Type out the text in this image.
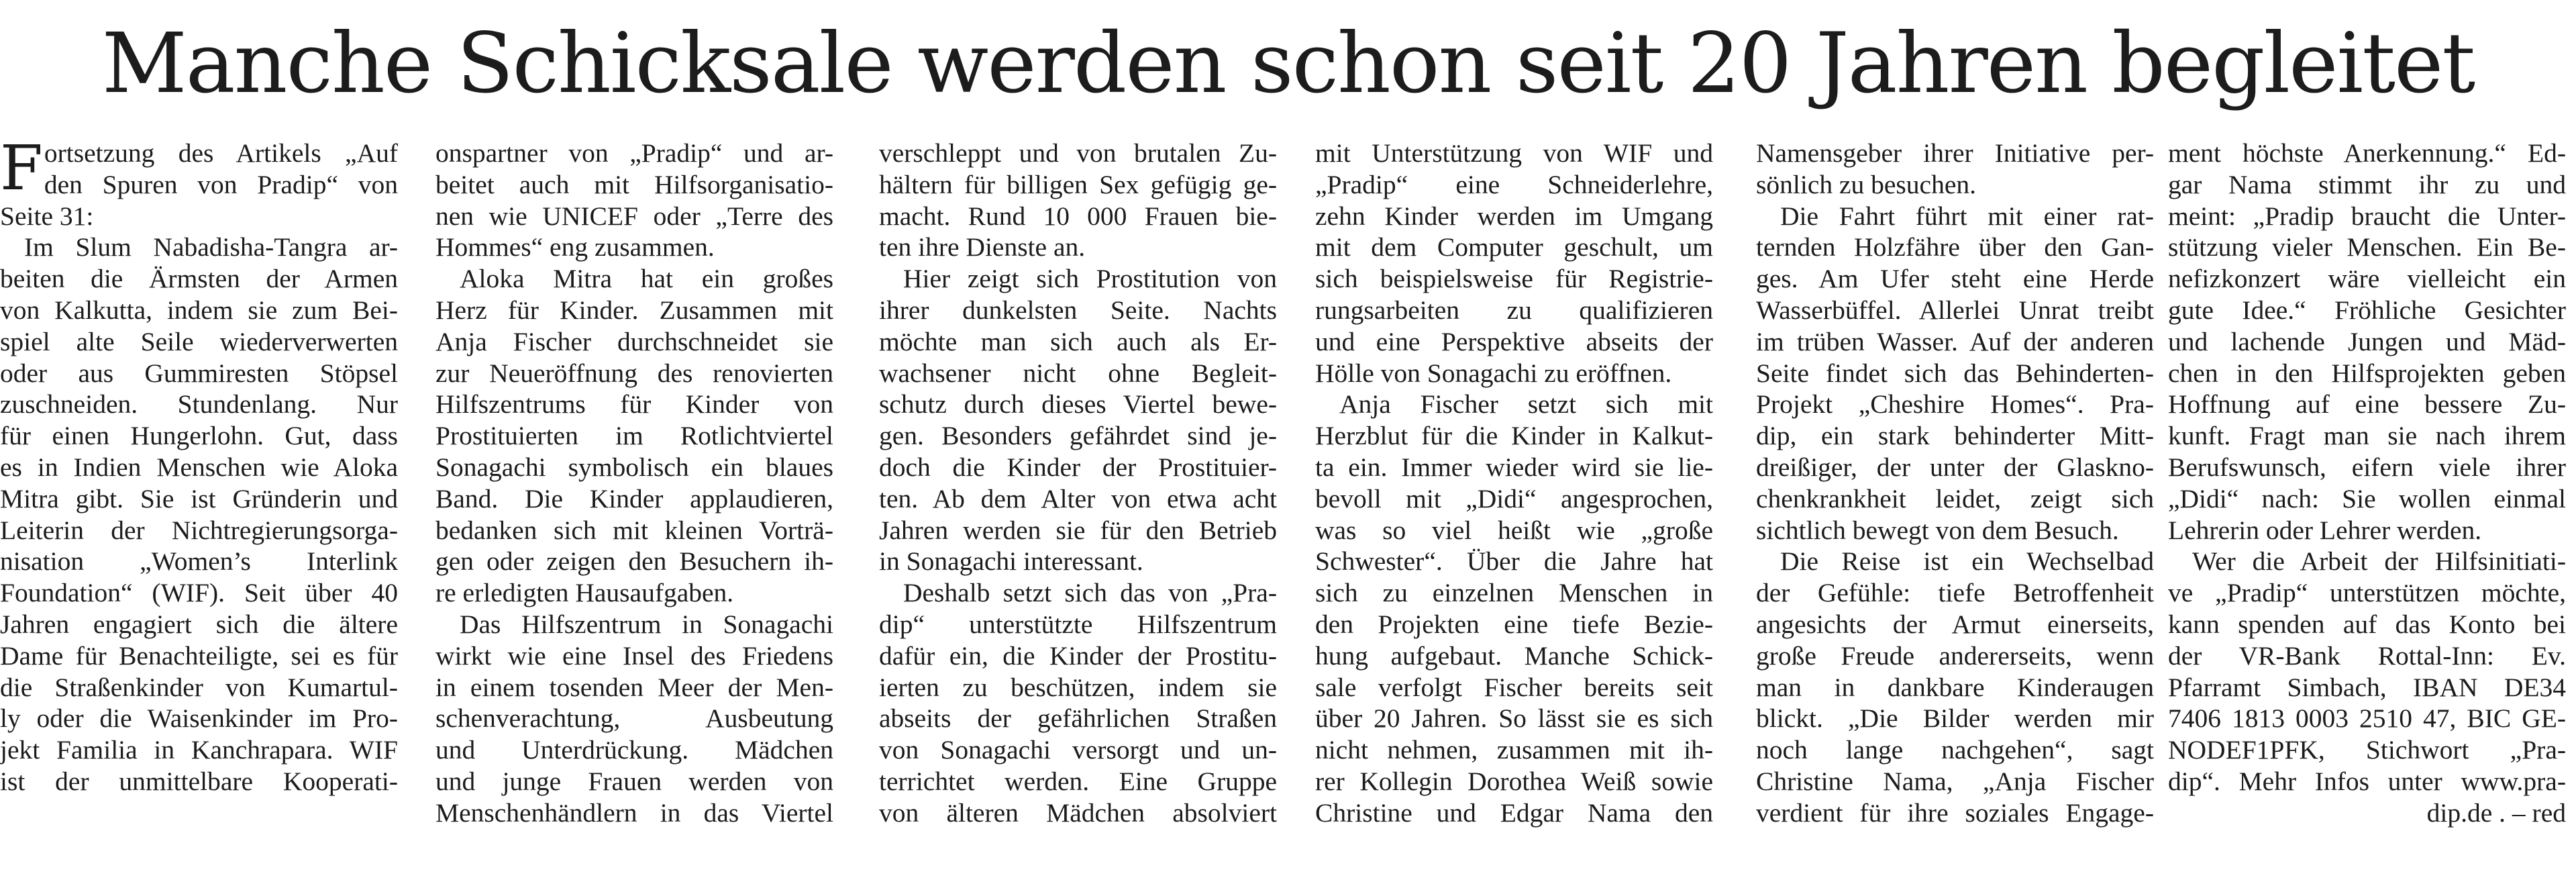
Manche Schicksale werden schon seit 20 Jahren begleitet

F ortsetzung des Artikels „Auf
den Spuren von Pradip“ von
Seite 31:

Im Slum Nabadisha-Tangra ar-
beiten die Ärmsten der Armen
von Kalkutta, indem sie zum Bei-
spiel alte Seile wiederverwerten
oder aus Gummiresten Stöpsel
zuschneiden. Stundenlang. Nur
für einen Hungerlohn. Gut, dass
es in Indien Menschen wie Aloka
Mitra gibt. Sie ist Gründerin und
Leiterin der Nichtregierungsorga-
nisation „Women’s Interlink
Foundation“ (WIF). Seit über 40
Jahren engagiert sich die ältere
Dame für Benachteiligte, sei es für
die Straßenkinder von Kumartul-
ly oder die Waisenkinder im Pro-
jekt Familia in Kanchrapara. WIF
ist der unmittelbare Kooperati-

onspartner von „Pradip“ und ar-
beitet auch mit Hilfsorganisatio-
nen wie UNICEF oder „Terre des
Hommes“ eng zusammen.

Aloka Mitra hat ein großes
Herz für Kinder. Zusammen mit
Anja Fischer durchschneidet sie
zur Neueröffnung des renovierten
Hilfszentrums für Kinder von
Prostituierten im Rotlichtviertel
Sonagachi symbolisch ein blaues
Band. Die Kinder applaudieren,
bedanken sich mit kleinen Vorträ-
gen oder zeigen den Besuchern ih-
re erledigten Hausaufgaben.

Das Hilfszentrum in Sonagachi
wirkt wie eine Insel des Friedens
in einem tosenden Meer der Men-
schenverachtung, Ausbeutung
und Unterdrückung. Mädchen
und junge Frauen werden von
Menschenhändlern in das Viertel

verschleppt und von brutalen Zu-
hältern für billigen Sex gefügig ge-
macht. Rund 10 000 Frauen bie-
ten ihre Dienste an.

Hier zeigt sich Prostitution von
ihrer dunkelsten Seite. Nachts
möchte man sich auch als Er-
wachsener nicht ohne Begleit-
schutz durch dieses Viertel bewe-
gen. Besonders gefährdet sind je-
doch die Kinder der Prostituier-
ten. Ab dem Alter von etwa acht
Jahren werden sie für den Betrieb
in Sonagachi interessant.

Deshalb setzt sich das von „Pra-
dip“ unterstützte Hilfszentrum
dafür ein, die Kinder der Prostitu-
ierten zu beschützen, indem sie
abseits der gefährlichen Straßen
von Sonagachi versorgt und un-
terrichtet werden. Eine Gruppe
von älteren Mädchen absolviert

mit Unterstützung von WIF und
„Pradip“ eine Schneiderlehre,
zehn Kinder werden im Umgang
mit dem Computer geschult, um
sich beispielsweise für Registrie-
rungsarbeiten zu qualifizieren
und eine Perspektive abseits der
Hölle von Sonagachi zu eröffnen.

Anja Fischer setzt sich mit
Herzblut für die Kinder in Kalkut-
ta ein. Immer wieder wird sie lie-
bevoll mit „Didi“ angesprochen,
was so viel heißt wie „große
Schwester“. Über die Jahre hat
sich zu einzelnen Menschen in
den Projekten eine tiefe Bezie-
hung aufgebaut. Manche Schick-
sale verfolgt Fischer bereits seit
über 20 Jahren. So lässt sie es sich
nicht nehmen, zusammen mit ih-
rer Kollegin Dorothea Weiß sowie
Christine und Edgar Nama den

Namensgeber ihrer Initiative per-
sönlich zu besuchen.

Die Fahrt führt mit einer rat-
ternden Holzfähre über den Gan-
ges. Am Ufer steht eine Herde
Wasserbüffel. Allerlei Unrat treibt
im trüben Wasser. Auf der anderen
Seite findet sich das Behinderten-
Projekt „Cheshire Homes“. Pra-
dip, ein stark behinderter Mitt-
dreißiger, der unter der Glaskno-
chenkrankheit leidet, zeigt sich
sichtlich bewegt von dem Besuch.

Die Reise ist ein Wechselbad
der Gefühle: tiefe Betroffenheit
angesichts der Armut einerseits,
große Freude andererseits, wenn
man in dankbare Kinderaugen
blickt. „Die Bilder werden mir
noch lange nachgehen“, sagt
Christine Nama, „Anja Fischer
verdient für ihre soziales Engage-

ment höchste Anerkennung.“ Ed-
gar Nama stimmt ihr zu und
meint: „Pradip braucht die Unter-
stützung vieler Menschen. Ein Be-
nefizkonzert wäre vielleicht ein
gute Idee.“ Fröhliche Gesichter
und lachende Jungen und Mäd-
chen in den Hilfsprojekten geben
Hoffnung auf eine bessere Zu-
kunft. Fragt man sie nach ihrem
Berufswunsch, eifern viele ihrer
„Didi“ nach: Sie wollen einmal
Lehrerin oder Lehrer werden.

Wer die Arbeit der Hilfsinitiati-
ve „Pradip“ unterstützen möchte,
kann spenden auf das Konto bei
der VR-Bank Rottal-Inn: Ev.
Pfarramt Simbach, IBAN DE34
7406 1813 0003 2510 47, BIC GE-
NODEF1PFK, Stichwort „Pra-
dip“. Mehr Infos unter www.pra-
dip.de . – red
